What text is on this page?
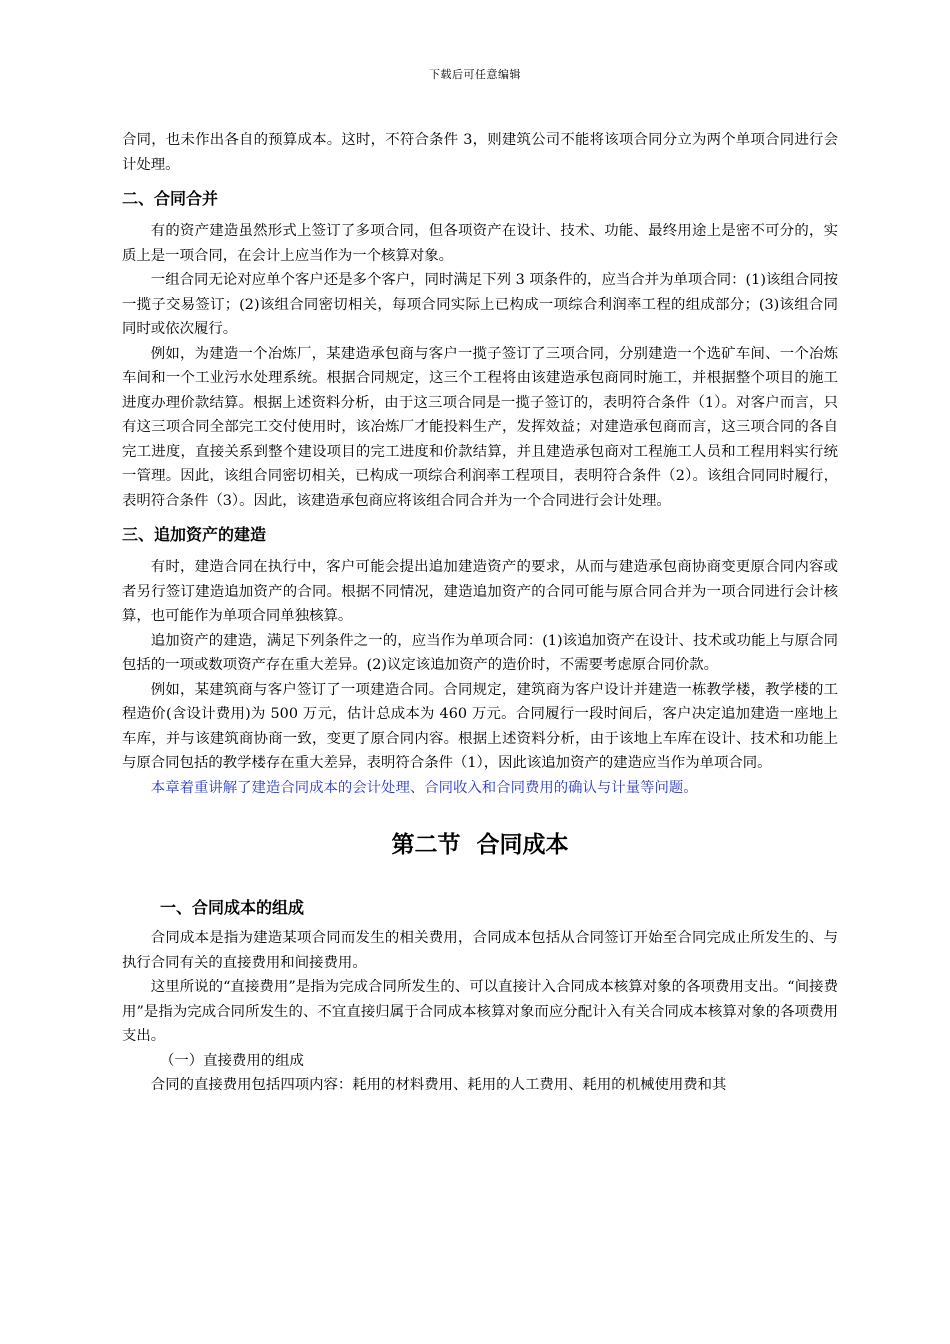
下载后可任意编辑

合同，也未作出各自的预算成本。这时，不符合条件 3，则建筑公司不能将该项合同分立为两个单项合同进行会计处理。

二、合同合并

有的资产建造虽然形式上签订了多项合同，但各项资产在设计、技术、功能、最终用途上是密不可分的，实质上是一项合同，在会计上应当作为一个核算对象。

一组合同无论对应单个客户还是多个客户，同时满足下列 3 项条件的，应当合并为单项合同：(1)该组合同按一揽子交易签订；(2)该组合同密切相关，每项合同实际上已构成一项综合利润率工程的组成部分；(3)该组合同同时或依次履行。

例如，为建造一个冶炼厂，某建造承包商与客户一揽子签订了三项合同，分别建造一个选矿车间、一个冶炼车间和一个工业污水处理系统。根据合同规定，这三个工程将由该建造承包商同时施工，并根据整个项目的施工进度办理价款结算。根据上述资料分析，由于这三项合同是一揽子签订的，表明符合条件（1）。对客户而言，只有这三项合同全部完工交付使用时，该冶炼厂才能投料生产，发挥效益；对建造承包商而言，这三项合同的各自完工进度，直接关系到整个建设项目的完工进度和价款结算，并且建造承包商对工程施工人员和工程用料实行统一管理。因此，该组合同密切相关，已构成一项综合利润率工程项目，表明符合条件（2）。该组合同同时履行，表明符合条件（3）。因此，该建造承包商应将该组合同合并为一个合同进行会计处理。

三、追加资产的建造

有时，建造合同在执行中，客户可能会提出追加建造资产的要求，从而与建造承包商协商变更原合同内容或者另行签订建造追加资产的合同。根据不同情况，建造追加资产的合同可能与原合同合并为一项合同进行会计核算，也可能作为单项合同单独核算。

追加资产的建造，满足下列条件之一的，应当作为单项合同：(1)该追加资产在设计、技术或功能上与原合同包括的一项或数项资产存在重大差异。(2)议定该追加资产的造价时，不需要考虑原合同价款。

例如，某建筑商与客户签订了一项建造合同。合同规定，建筑商为客户设计并建造一栋教学楼，教学楼的工程造价(含设计费用)为 500 万元，估计总成本为 460 万元。合同履行一段时间后，客户决定追加建造一座地上车库，并与该建筑商协商一致，变更了原合同内容。根据上述资料分析，由于该地上车库在设计、技术和功能上与原合同包括的教学楼存在重大差异，表明符合条件（1），因此该追加资产的建造应当作为单项合同。

本章着重讲解了建造合同成本的会计处理、合同收入和合同费用的确认与计量等问题。

第二节 合同成本
一、合同成本的组成

合同成本是指为建造某项合同而发生的相关费用，合同成本包括从合同签订开始至合同完成止所发生的、与执行合同有关的直接费用和间接费用。

这里所说的“直接费用”是指为完成合同所发生的、可以直接计入合同成本核算对象的各项费用支出。“间接费用”是指为完成合同所发生的、不宜直接归属于合同成本核算对象而应分配计入有关合同成本核算对象的各项费用支出。

（一）直接费用的组成

合同的直接费用包括四项内容：耗用的材料费用、耗用的人工费用、耗用的机械使用费和其
